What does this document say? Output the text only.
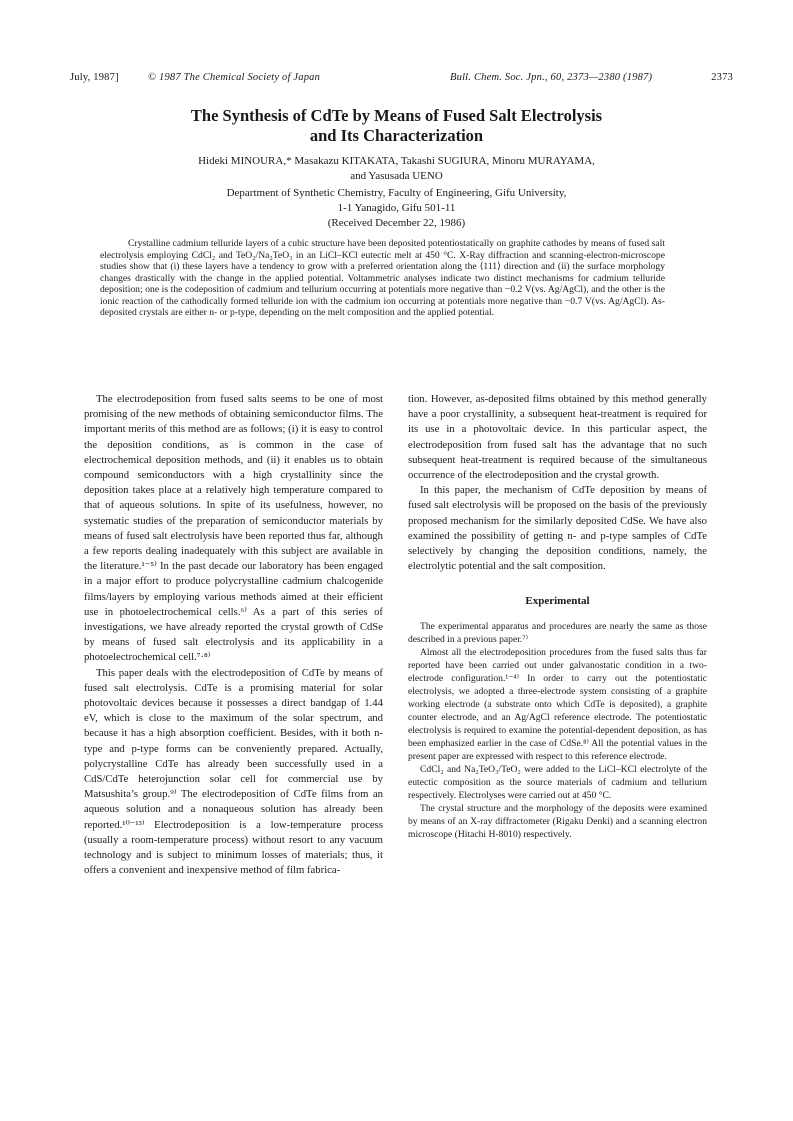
July, 1987]	© 1987 The Chemical Society of Japan	Bull. Chem. Soc. Jpn., 60, 2373—2380 (1987)	2373
The Synthesis of CdTe by Means of Fused Salt Electrolysis
and Its Characterization
Hideki MINOURA,* Masakazu KITAKATA, Takashi SUGIURA, Minoru MURAYAMA,
and Yasusada UENO
Department of Synthetic Chemistry, Faculty of Engineering, Gifu University,
1-1 Yanagido, Gifu 501-11
(Received December 22, 1986)
Crystalline cadmium telluride layers of a cubic structure have been deposited potentiostatically on graphite cathodes by means of fused salt electrolysis employing CdCl₂ and TeO₂/Na₂TeO₃ in an LiCl–KCl eutectic melt at 450 °C. X-Ray diffraction and scanning-electron-microscope studies show that (i) these layers have a tendency to grow with a preferred orientation along the ⟨111⟩ direction and (ii) the surface morphology changes drastically with the change in the applied potential. Voltammetric analyses indicate two distinct mechanisms for cadmium telluride deposition; one is the codeposition of cadmium and tellurium occurring at potentials more negative than −0.2 V(vs. Ag/AgCl), and the other is the ionic reaction of the cathodically formed telluride ion with the cadmium ion occurring at potentials more negative than −0.7 V(vs. Ag/AgCl). As-deposited crystals are either n- or p-type, depending on the melt composition and the applied potential.

The electrodeposition from fused salts seems to be one of most promising of the new methods of obtaining semiconductor films. The important merits of this method are as follows; (i) it is easy to control the deposition conditions, as is common in the case of electrochemical deposition methods, and (ii) it enables us to obtain compound semiconductors with a high crystallinity since the deposition takes place at a relatively high temperature compared to that of aqueous solutions. In spite of its usefulness, however, no systematic studies of the preparation of semiconductor materials by means of fused salt electrolysis have been reported thus far, although a few reports dealing inadequately with this subject are available in the literature.¹⁻⁵⁾ In the past decade our laboratory has been engaged in a major effort to produce polycrystalline cadmium chalcogenide films/layers by employing various methods aimed at their efficient use in photoelectrochemical cells.⁶⁾ As a part of this series of investigations, we have already reported the crystal growth of CdSe by means of fused salt electrolysis and its applicability in a photoelectrochemical cell.⁷·⁸⁾

This paper deals with the electrodeposition of CdTe by means of fused salt electrolysis. CdTe is a promising material for solar photovoltaic devices because it possesses a direct bandgap of 1.44 eV, which is close to the maximum of the solar spectrum, and because it has a high absorption coefficient. Besides, with it both n-type and p-type forms can be conveniently prepared. Actually, polycrystalline CdTe has already been successfully used in a CdS/CdTe heterojunction solar cell for commercial use by Matsushita’s group.⁹⁾ The electrodeposition of CdTe films from an aqueous solution and a nonaqueous solution has already been reported.¹⁰⁻¹³⁾ Electrodeposition is a low-temperature process (usually a room-temperature process) without resort to any vacuum technology and is subject to minimum losses of materials; thus, it offers a convenient and inexpensive method of film fabrica-

tion. However, as-deposited films obtained by this method generally have a poor crystallinity, a subsequent heat-treatment is required for its use in a photovoltaic device. In this particular aspect, the electrodeposition from fused salt has the advantage that no such subsequent heat-treatment is required because of the simultaneous occurrence of the electrodeposition and the crystal growth.

In this paper, the mechanism of CdTe deposition by means of fused salt electrolysis will be proposed on the basis of the previously proposed mechanism for the similarly deposited CdSe. We have also examined the possibility of getting n- and p-type samples of CdTe selectively by changing the deposition conditions, namely, the electrolytic potential and the salt composition.

Experimental

The experimental apparatus and procedures are nearly the same as those described in a previous paper.⁷⁾

Almost all the electrodeposition procedures from the fused salts thus far reported have been carried out under galvanostatic condition in a two-electrode configuration.¹⁻⁴⁾ In order to carry out the potentiostatic electrolysis, we adopted a three-electrode system consisting of a graphite working electrode (a substrate onto which CdTe is deposited), a graphite counter electrode, and an Ag/AgCl reference electrode. The potentiostatic electrolysis is required to examine the potential-dependent deposition, as has been emphasized earlier in the case of CdSe.⁸⁾ All the potential values in the present paper are expressed with respect to this reference electrode.

CdCl₂ and Na₂TeO₃/TeO₂ were added to the LiCl–KCl electrolyte of the eutectic composition as the source materials of cadmium and tellurium respectively. Electrolyses were carried out at 450 °C.

The crystal structure and the morphology of the deposits were examined by means of an X-ray diffractometer (Rigaku Denki) and a scanning electron microscope (Hitachi H-8010) respectively.
